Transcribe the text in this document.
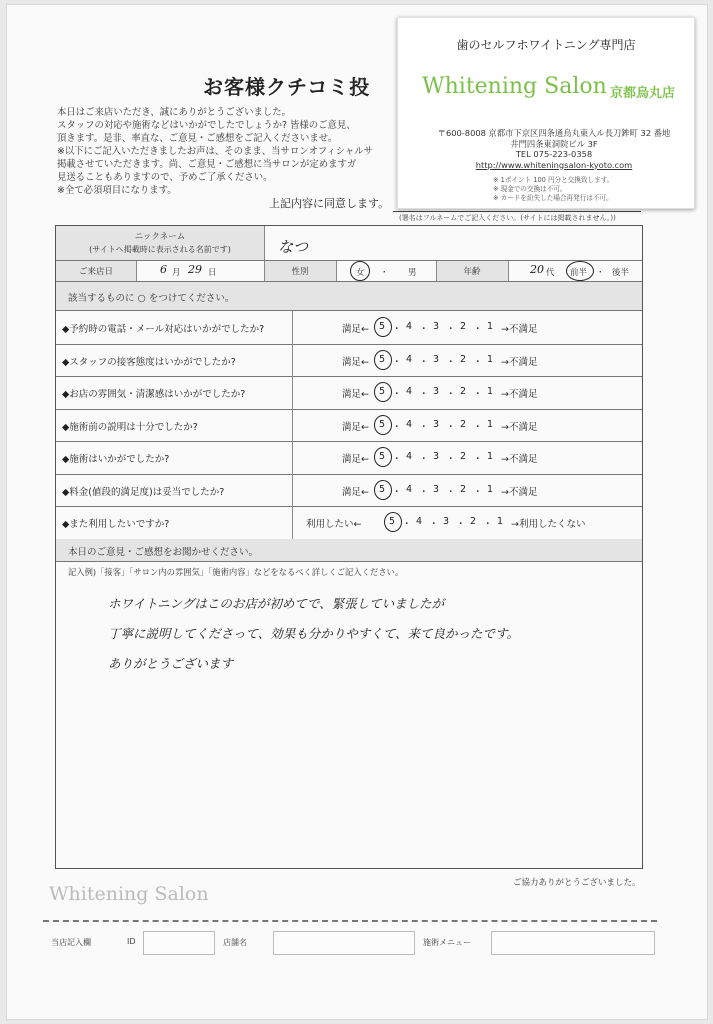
お客様クチコミ投
本日はご来店いただき、誠にありがとうございました。
スタッフの対応や施術などはいかがでしたでしょうか? 皆様のご意見、
頂きます。是非、率直な、ご意見・ご感想をご記入くださいませ。
※以下にご記入いただきましたお声は、そのまま、当サロンオフィシャルサ
掲載させていただきます。尚、ご意見・ご感想に当サロンが定めますガ
見送ることもありますので、予めご了承ください。
※全て必須項目になります。
上記内容に同意します。
(署名はフルネームでご記入ください。(サイトには掲載されません。))
歯のセルフホワイトニング専門店
Whitening Salon 京都烏丸店
〒600-8008 京都市下京区四条通烏丸東入ル長刀鉾町 32 番地
井門四条東洞院ビル 3F
TEL 075-223-0358
http://www.whiteningsalon-kyoto.com
※ 1ポイント 100 円分と交換致します。
※ 現金での交換は不可。
※ カードを紛失した場合再発行は不可。
ニックネーム
(サイトへ掲載時に表示される名前です)	なつ
ご来店日	6 月 29 日	性別	女 ・ 男	年齢	20 代 前半 ・ 後半
該当するものに ○ をつけてください。
◆予約時の電話・メール対応はいかがでしたか?	満足← 5 ・ 4 ・ 3 ・ 2 ・ 1 →不満足
◆スタッフの接客態度はいかがでしたか?	満足← 5 ・ 4 ・ 3 ・ 2 ・ 1 →不満足
◆お店の雰囲気・清潔感はいかがでしたか?	満足← 5 ・ 4 ・ 3 ・ 2 ・ 1 →不満足
◆施術前の説明は十分でしたか?	満足← 5 ・ 4 ・ 3 ・ 2 ・ 1 →不満足
◆施術はいかがでしたか?	満足← 5 ・ 4 ・ 3 ・ 2 ・ 1 →不満足
◆料金(値段的満足度)は妥当でしたか?	満足← 5 ・ 4 ・ 3 ・ 2 ・ 1 →不満足
◆また利用したいですか?	利用したい←	5 ・ 4 ・ 3 ・ 2 ・ 1 →利用したくない
本日のご意見・ご感想をお聞かせください。
記入例)「接客」「サロン内の雰囲気」「施術内容」などをなるべく詳しくご記入ください。
ホワイトニングはこのお店が初めてで、緊張していましたが
丁寧に説明してくださって、効果も分かりやすくて、来て良かったです。
ありがとうございます
Whitening Salon	ご協力ありがとうございました。
当店記入欄	ID	店舗名	施術メニュー
